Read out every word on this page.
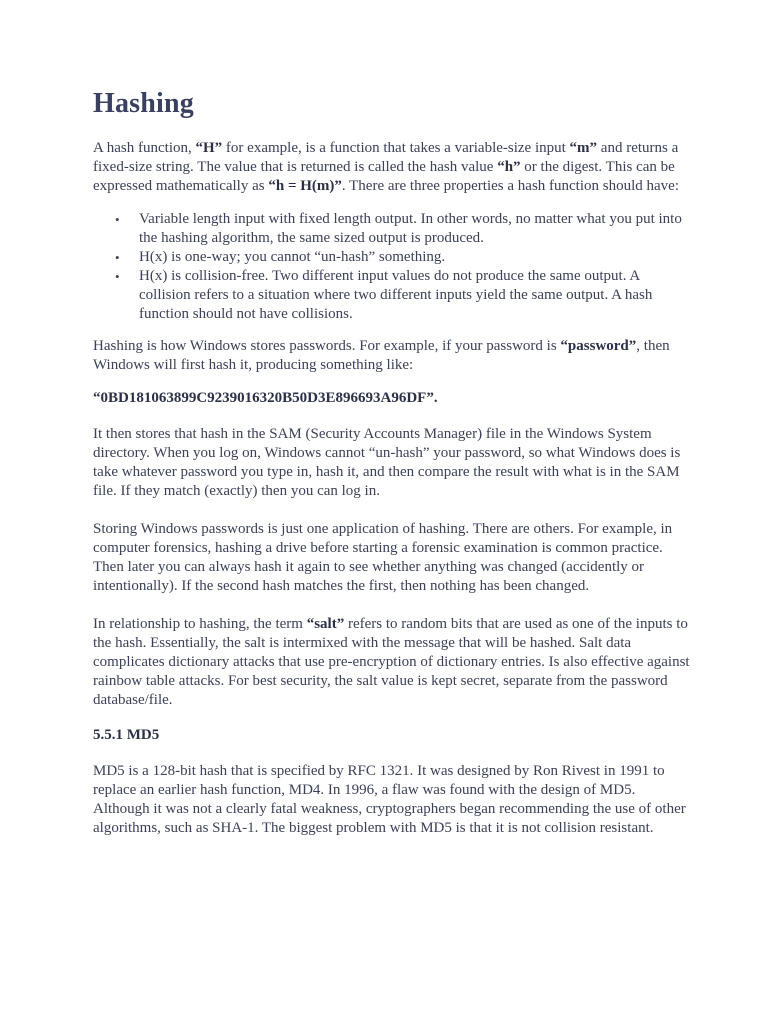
Hashing

A hash function, “H” for example, is a function that takes a variable-size input “m” and returns a fixed-size string. The value that is returned is called the hash value “h” or the digest. This can be expressed mathematically as “h = H(m)”. There are three properties a hash function should have:

• Variable length input with fixed length output. In other words, no matter what you put into the hashing algorithm, the same sized output is produced.
• H(x) is one-way; you cannot “un-hash” something.
• H(x) is collision-free. Two different input values do not produce the same output. A collision refers to a situation where two different inputs yield the same output. A hash function should not have collisions.

Hashing is how Windows stores passwords. For example, if your password is “password”, then Windows will first hash it, producing something like:

“0BD181063899C9239016320B50D3E896693A96DF”.

It then stores that hash in the SAM (Security Accounts Manager) file in the Windows System directory. When you log on, Windows cannot “un-hash” your password, so what Windows does is take whatever password you type in, hash it, and then compare the result with what is in the SAM file. If they match (exactly) then you can log in.

Storing Windows passwords is just one application of hashing. There are others. For example, in computer forensics, hashing a drive before starting a forensic examination is common practice. Then later you can always hash it again to see whether anything was changed (accidently or intentionally). If the second hash matches the first, then nothing has been changed.

In relationship to hashing, the term “salt” refers to random bits that are used as one of the inputs to the hash. Essentially, the salt is intermixed with the message that will be hashed. Salt data complicates dictionary attacks that use pre-encryption of dictionary entries. Is also effective against rainbow table attacks. For best security, the salt value is kept secret, separate from the password database/file.

5.5.1 MD5

MD5 is a 128-bit hash that is specified by RFC 1321. It was designed by Ron Rivest in 1991 to replace an earlier hash function, MD4. In 1996, a flaw was found with the design of MD5. Although it was not a clearly fatal weakness, cryptographers began recommending the use of other algorithms, such as SHA-1. The biggest problem with MD5 is that it is not collision resistant.
